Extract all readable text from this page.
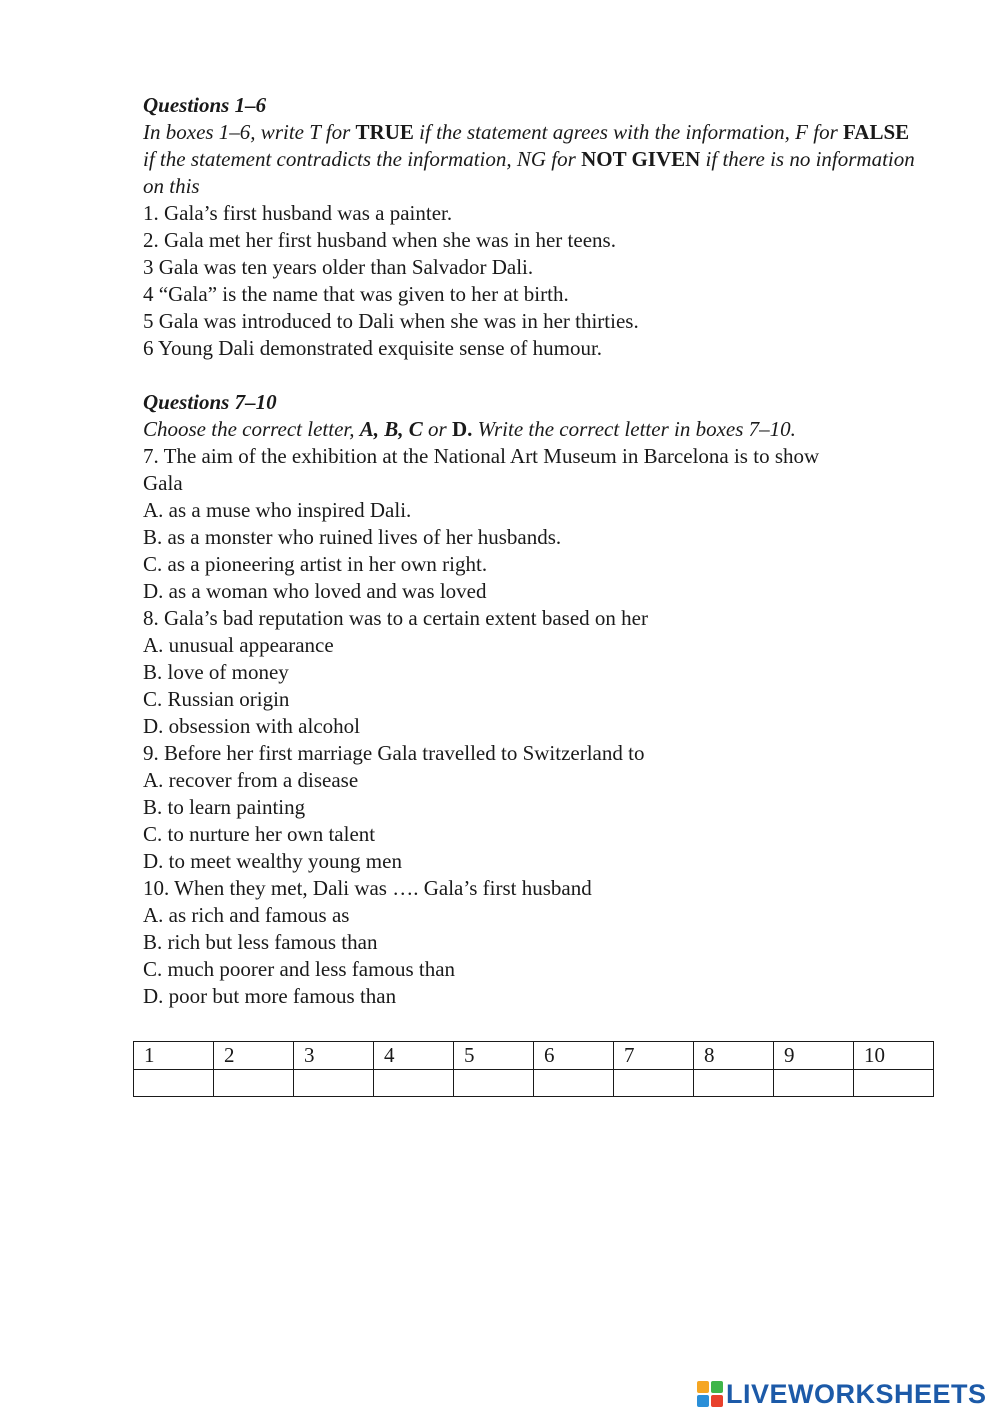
Questions 1–6
In boxes 1–6, write T for TRUE if the statement agrees with the information, F for FALSE if the statement contradicts the information, NG for NOT GIVEN if there is no information on this
1. Gala’s first husband was a painter.
2. Gala met her first husband when she was in her teens.
3 Gala was ten years older than Salvador Dali.
4 “Gala” is the name that was given to her at birth.
5 Gala was introduced to Dali when she was in her thirties.
6 Young Dali demonstrated exquisite sense of humour.
Questions 7–10
Choose the correct letter, A, B, C or D. Write the correct letter in boxes 7–10.
7. The aim of the exhibition at the National Art Museum in Barcelona is to show
Gala
A. as a muse who inspired Dali.
B. as a monster who ruined lives of her husbands.
C. as a pioneering artist in her own right.
D. as a woman who loved and was loved
8. Gala’s bad reputation was to a certain extent based on her
A. unusual appearance
B. love of money
C. Russian origin
D. obsession with alcohol
9. Before her first marriage Gala travelled to Switzerland to
A. recover from a disease
B. to learn painting
C. to nurture her own talent
D. to meet wealthy young men
10. When they met, Dali was …. Gala’s first husband
A. as rich and famous as
B. rich but less famous than
C. much poorer and less famous than
D. poor but more famous than
1	2	3	4	5	6	7	8	9	10

LIVEWORKSHEETS
